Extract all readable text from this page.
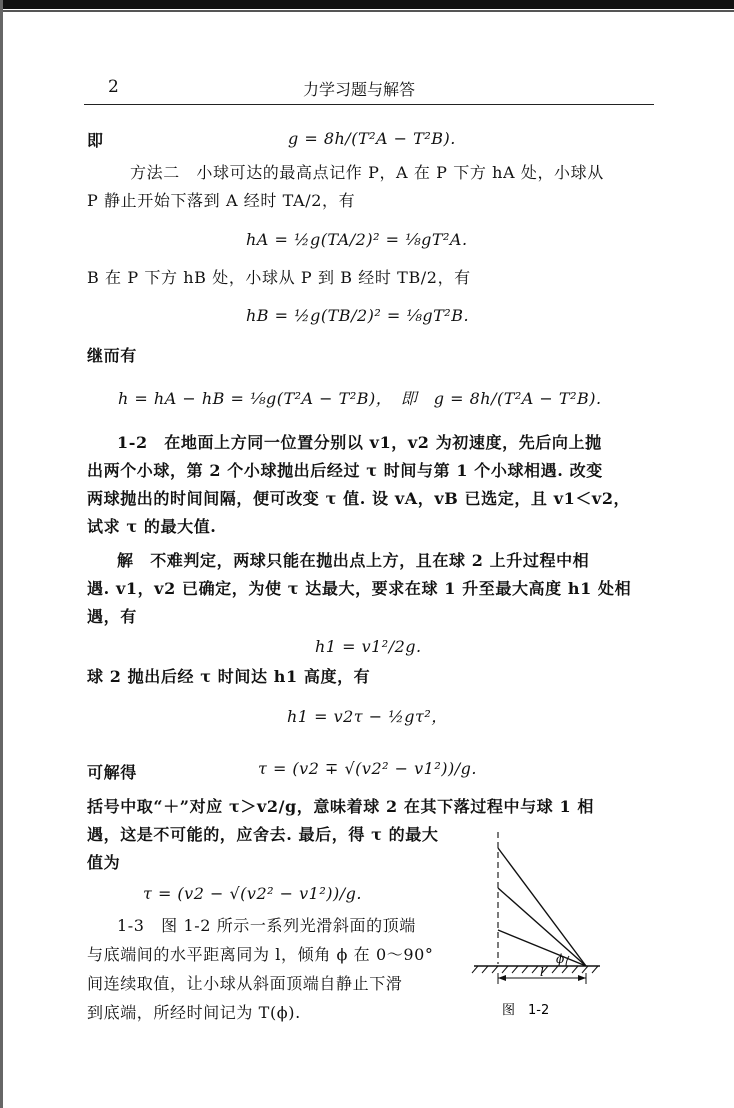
2	力学习题与解答
即	g = 8h/(T²A − T²B).
方法二　小球可达的最高点记作 P，A 在 P 下方 hA 处，小球从
P 静止开始下落到 A 经时 TA/2，有
hA = ½g(TA/2)² = ⅛gT²A.
B 在 P 下方 hB 处，小球从 P 到 B 经时 TB/2，有
hB = ½g(TB/2)² = ⅛gT²B.
继而有
h = hA − hB = ⅛g(T²A − T²B)，　即　g = 8h/(T²A − T²B).
1-2　在地面上方同一位置分别以 v1，v2 为初速度，先后向上抛
出两个小球，第 2 个小球抛出后经过 τ 时间与第 1 个小球相遇. 改变
两球抛出的时间间隔，便可改变 τ 值. 设 vA，vB 已选定，且 v1＜v2，
试求 τ 的最大值.
解　不难判定，两球只能在抛出点上方，且在球 2 上升过程中相
遇. v1，v2 已确定，为使 τ 达最大，要求在球 1 升至最大高度 h1 处相
遇，有
h1 = v1²/2g.
球 2 抛出后经 τ 时间达 h1 高度，有
h1 = v2τ − ½gτ²，
可解得	τ = (v2 ∓ √(v2² − v1²))/g.
括号中取“＋”对应 τ＞v2/g，意味着球 2 在其下落过程中与球 1 相
遇，这是不可能的，应舍去. 最后，得 τ 的最大
值为
τ = (v2 − √(v2² − v1²))/g.
1-3　图 1-2 所示一系列光滑斜面的顶端
与底端间的水平距离同为 l，倾角 ϕ 在 0～90°
间连续取值，让小球从斜面顶端自静止下滑
到底端，所经时间记为 T(ϕ).
ϕ
l
图　1-2
